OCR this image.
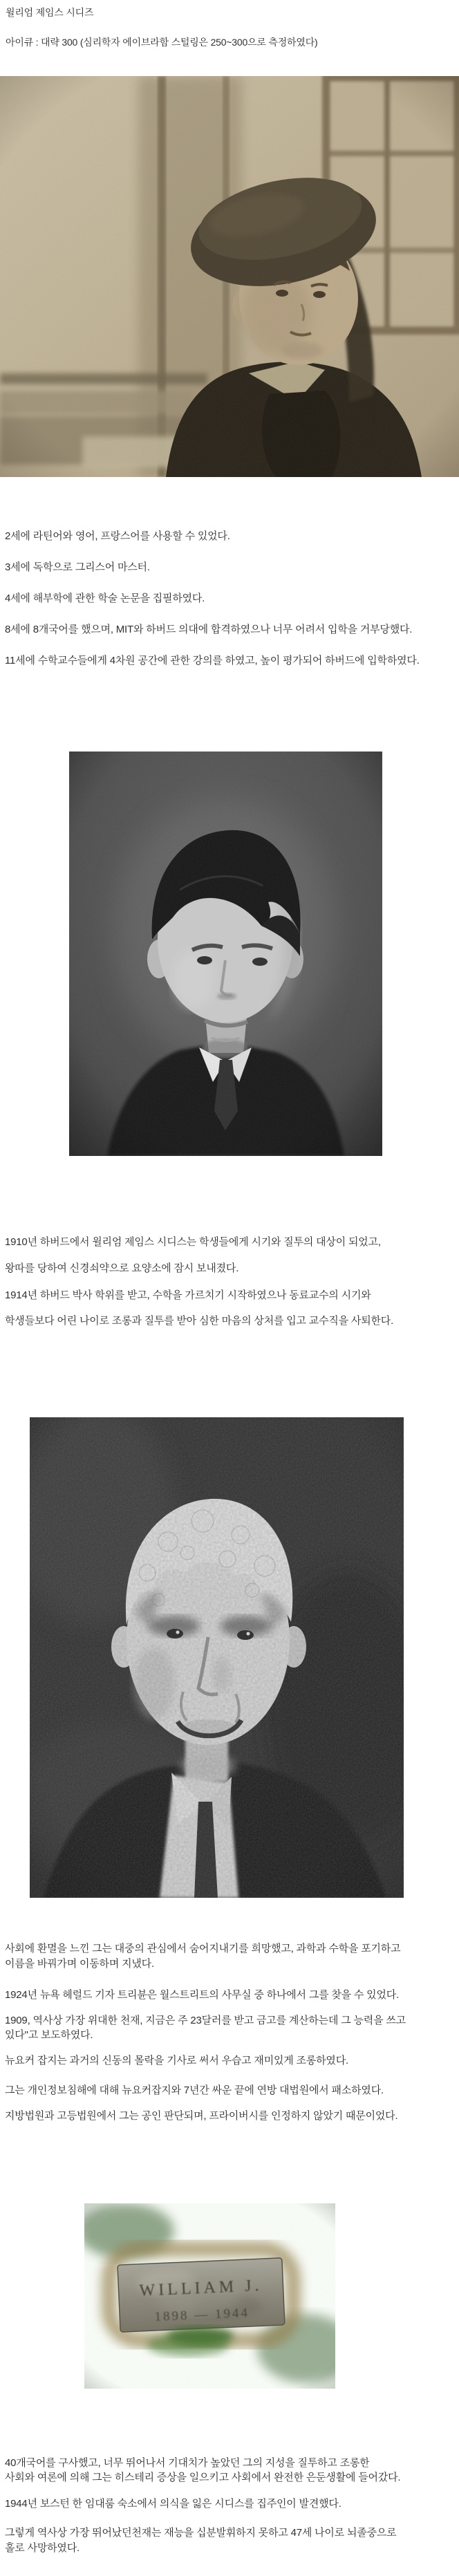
윌리엄 제임스 시디즈
아이큐 : 대략 300 (심리학자 에이브라함 스털링은 250~300으로 측정하였다)
2세에 라틴어와 영어, 프랑스어를 사용할 수 있었다.
3세에 독학으로 그리스어 마스터.
4세에 해부학에 관한 학술 논문을 집필하였다.
8세에 8개국어를 했으며, MIT와 하버드 의대에 합격하였으나 너무 어려서 입학을 거부당했다.
11세에 수학교수들에게 4차원 공간에 관한 강의를 하였고, 높이 평가되어 하버드에 입학하였다.
1910년 하버드에서 윌리엄 제임스 시디스는 학생들에게 시기와 질투의 대상이 되었고,
왕따를 당하여 신경쇠약으로 요양소에 잠시 보내졌다.
1914년 하버드 박사 학위를 받고, 수학을 가르치기 시작하였으나 동료교수의 시기와
학생들보다 어린 나이로 조롱과 질투를 받아 심한 마음의 상처를 입고 교수직을 사퇴한다.
사회에 환멸을 느낀 그는 대중의 관심에서 숨어지내기를 희망했고, 과학과 수학을 포기하고
이름을 바꿔가며 이동하며 지냈다.
1924년 뉴욕 헤럴드 기자 트리뷴은 월스트리트의 사무실 중 하나에서 그를 찾을 수 있었다.
1909, 역사상 가장 위대한 천재, 지금은 주 23달러를 받고 금고를 계산하는데 그 능력을 쓰고
있다"고 보도하였다.
뉴요커 잡지는 과거의 신동의 몰락을 기사로 써서 우습고 재미있게 조롱하였다.
그는 개인정보침해에 대해 뉴요커잡지와 7년간 싸운 끝에 연방 대법원에서 패소하였다.
지방법원과 고등법원에서 그는 공인 판단되며, 프라이버시를 인정하지 않았기 때문이었다.
40개국어를 구사했고, 너무 뛰어나서 기대치가 높았던 그의 지성을 질투하고 조롱한
사회와 여론에 의해 그는 히스테리 증상을 일으키고 사회에서 완전한 은둔생활에 들어갔다.
1944년 보스턴 한 임대룸 숙소에서 의식을 잃은 시디스를 집주인이 발견했다.
그렇게 역사상 가장 뛰어났던천재는 재능을 십분발휘하지 못하고 47세 나이로 뇌졸중으로
홀로 사망하였다.
